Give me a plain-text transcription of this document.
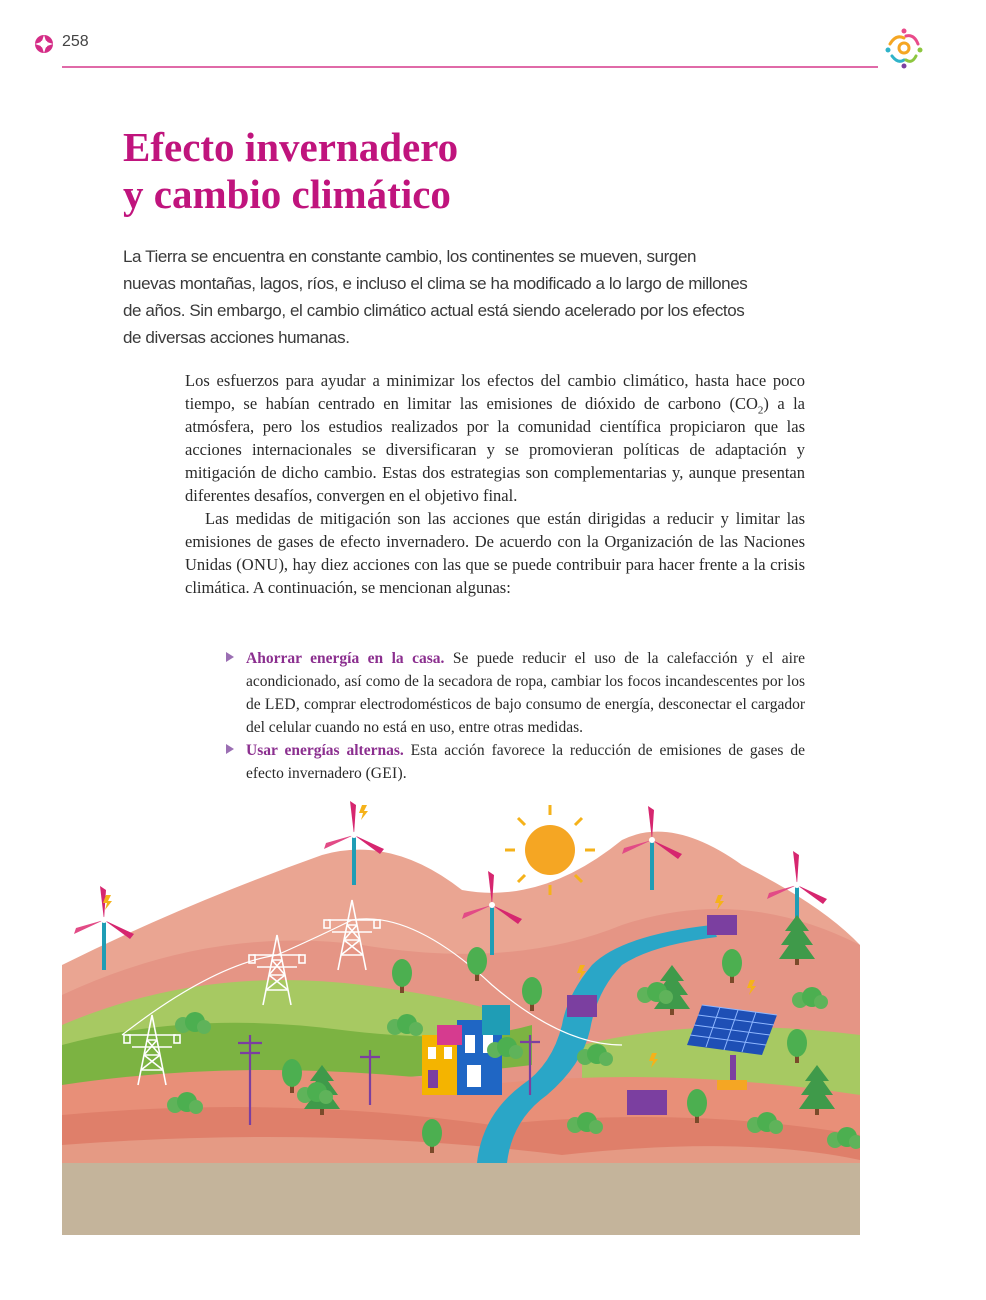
258
Efecto invernadero
y cambio climático

La Tierra se encuentra en constante cambio, los continentes se mueven, surgen nuevas montañas, lagos, ríos, e incluso el clima se ha modificado a lo largo de millones de años. Sin embargo, el cambio climático actual está siendo acelerado por los efectos de diversas acciones humanas.

Los esfuerzos para ayudar a minimizar los efectos del cambio climático, hasta hace poco tiempo, se habían centrado en limitar las emisiones de dióxido de carbono $(CO_2)$ a la atmósfera, pero los estudios realizados por la comunidad científica propiciaron que las acciones internacionales se diversificaran y se promovieran políticas de adaptación y mitigación de dicho cambio. Estas dos estrategias son complementarias y, aunque presentan diferentes desafíos, convergen en el objetivo final.

Las medidas de mitigación son las acciones que están dirigidas a reducir y limitar las emisiones de gases de efecto invernadero. De acuerdo con la Organización de las Naciones Unidas (ONU), hay diez acciones con las que se puede contribuir para hacer frente a la crisis climática. A continuación, se mencionan algunas:

Ahorrar energía en la casa. Se puede reducir el uso de la calefacción y el aire acondicionado, así como de la secadora de ropa, cambiar los focos incandescentes por los de LED, comprar electrodomésticos de bajo consumo de energía, desconectar el cargador del celular cuando no está en uso, entre otras medidas.
Usar energías alternas. Esta acción favorece la reducción de emisiones de gases de efecto invernadero (GEI).
